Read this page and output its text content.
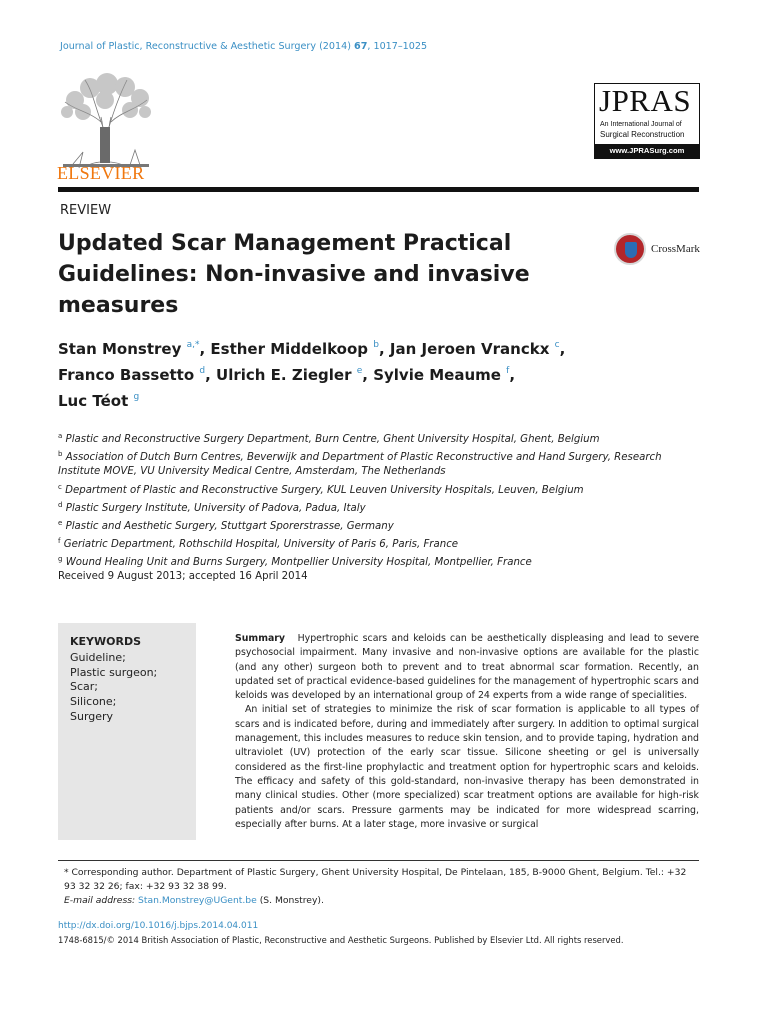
Journal of Plastic, Reconstructive & Aesthetic Surgery (2014) 67, 1017–1025
ELSEVIER
JPRAS
An International Journal of
Surgical Reconstruction
www.JPRASurg.com
REVIEW
Updated Scar Management Practical Guidelines: Non-invasive and invasive measures
CrossMark
Stan Monstrey $^{a,*}$, Esther Middelkoop $^b$, Jan Jeroen Vranckx $^c$,
Franco Bassetto $^d$, Ulrich E. Ziegler $^e$, Sylvie Meaume $^f$,
Luc Téot $^g$
$^a$ Plastic and Reconstructive Surgery Department, Burn Centre, Ghent University Hospital, Ghent, Belgium
$^b$ Association of Dutch Burn Centres, Beverwijk and Department of Plastic Reconstructive and Hand Surgery, Research Institute MOVE, VU University Medical Centre, Amsterdam, The Netherlands
$^c$ Department of Plastic and Reconstructive Surgery, KUL Leuven University Hospitals, Leuven, Belgium
$^d$ Plastic Surgery Institute, University of Padova, Padua, Italy
$^e$ Plastic and Aesthetic Surgery, Stuttgart Sporerstrasse, Germany
$^f$ Geriatric Department, Rothschild Hospital, University of Paris 6, Paris, France
$^g$ Wound Healing Unit and Burns Surgery, Montpellier University Hospital, Montpellier, France
Received 9 August 2013; accepted 16 April 2014
KEYWORDS
Guideline;
Plastic surgeon;
Scar;
Silicone;
Surgery

Summary Hypertrophic scars and keloids can be aesthetically displeasing and lead to severe psychosocial impairment. Many invasive and non-invasive options are available for the plastic (and any other) surgeon both to prevent and to treat abnormal scar formation. Recently, an updated set of practical evidence-based guidelines for the management of hypertrophic scars and keloids was developed by an international group of 24 experts from a wide range of specialities.

An initial set of strategies to minimize the risk of scar formation is applicable to all types of scars and is indicated before, during and immediately after surgery. In addition to optimal surgical management, this includes measures to reduce skin tension, and to provide taping, hydration and ultraviolet (UV) protection of the early scar tissue. Silicone sheeting or gel is universally considered as the first-line prophylactic and treatment option for hypertrophic scars and keloids. The efficacy and safety of this gold-standard, non-invasive therapy has been demonstrated in many clinical studies. Other (more specialized) scar treatment options are available for high-risk patients and/or scars. Pressure garments may be indicated for more widespread scarring, especially after burns. At a later stage, more invasive or surgical

* Corresponding author. Department of Plastic Surgery, Ghent University Hospital, De Pintelaan, 185, B-9000 Ghent, Belgium. Tel.: +32 93 32 32 26; fax: +32 93 32 38 99.
E-mail address: Stan.Monstrey@UGent.be (S. Monstrey).
http://dx.doi.org/10.1016/j.bjps.2014.04.011
1748-6815/© 2014 British Association of Plastic, Reconstructive and Aesthetic Surgeons. Published by Elsevier Ltd. All rights reserved.
